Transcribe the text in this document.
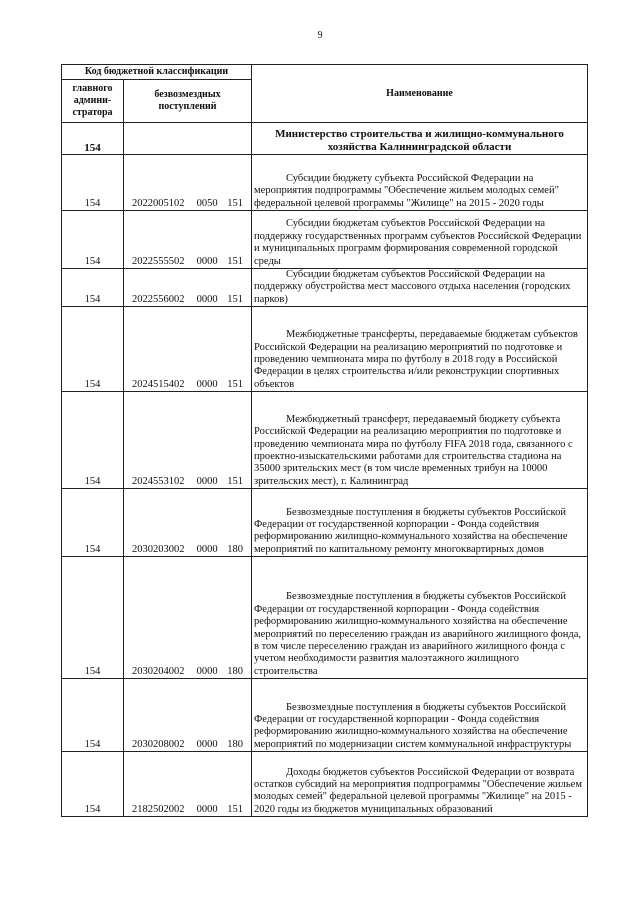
9
Код бюджетной классификации		Наименование
главного админи-стратора	безвозмездных поступлений	
154		Министерство строительства и жилищно-коммунального хозяйства Калининградской области
154	2022005102 0050 151	Субсидии бюджету субъекта Российской Федерации на мероприятия подпрограммы "Обеспечение жильем молодых семей" федеральной целевой программы "Жилище" на 2015 - 2020 годы

154	2022555502 0000 151	Субсидии бюджетам субъектов Российской Федерации на поддержку государственных программ субъектов Российской Федерации и муниципальных программ формирования современной городской среды

154	2022556002 0000 151	Субсидии бюджетам субъектов Российской Федерации на поддержку обустройства мест массового отдыха населения (городских парков)

154	2024515402 0000 151	Межбюджетные трансферты, передаваемые бюджетам субъектов Российской Федерации на реализацию мероприятий по подготовке и проведению чемпионата мира по футболу в 2018 году в Российской Федерации в целях строительства и/или реконструкции спортивных объектов

154	2024553102 0000 151	Межбюджетный трансферт, передаваемый бюджету субъекта Российской Федерации на реализацию мероприятия по подготовке и проведению чемпионата мира по футболу FIFA 2018 года, связанного с проектно-изыскательскими работами для строительства стадиона на 35000 зрительских мест (в том числе временных трибун на 10000 зрительских мест), г. Калининград

154	2030203002 0000 180	Безвозмездные поступления в бюджеты субъектов Российской Федерации от государственной корпорации - Фонда содействия реформированию жилищно-коммунального хозяйства на обеспечение мероприятий по капитальному ремонту многоквартирных домов

154	2030204002 0000 180	Безвозмездные поступления в бюджеты субъектов Российской Федерации от государственной корпорации - Фонда содействия реформированию жилищно-коммунального хозяйства на обеспечение мероприятий по переселению граждан из аварийного жилищного фонда, в том числе переселению граждан из аварийного жилищного фонда с учетом необходимости развития малоэтажного жилищного строительства

154	2030208002 0000 180	Безвозмездные поступления в бюджеты субъектов Российской Федерации от государственной корпорации - Фонда содействия реформированию жилищно-коммунального хозяйства на обеспечение мероприятий по модернизации систем коммунальной инфраструктуры

154	2182502002 0000 151	Доходы бюджетов субъектов Российской Федерации от возврата остатков субсидий на мероприятия подпрограммы "Обеспечение жильем молодых семей" федеральной целевой программы "Жилище" на 2015 - 2020 годы из бюджетов муниципальных образований
